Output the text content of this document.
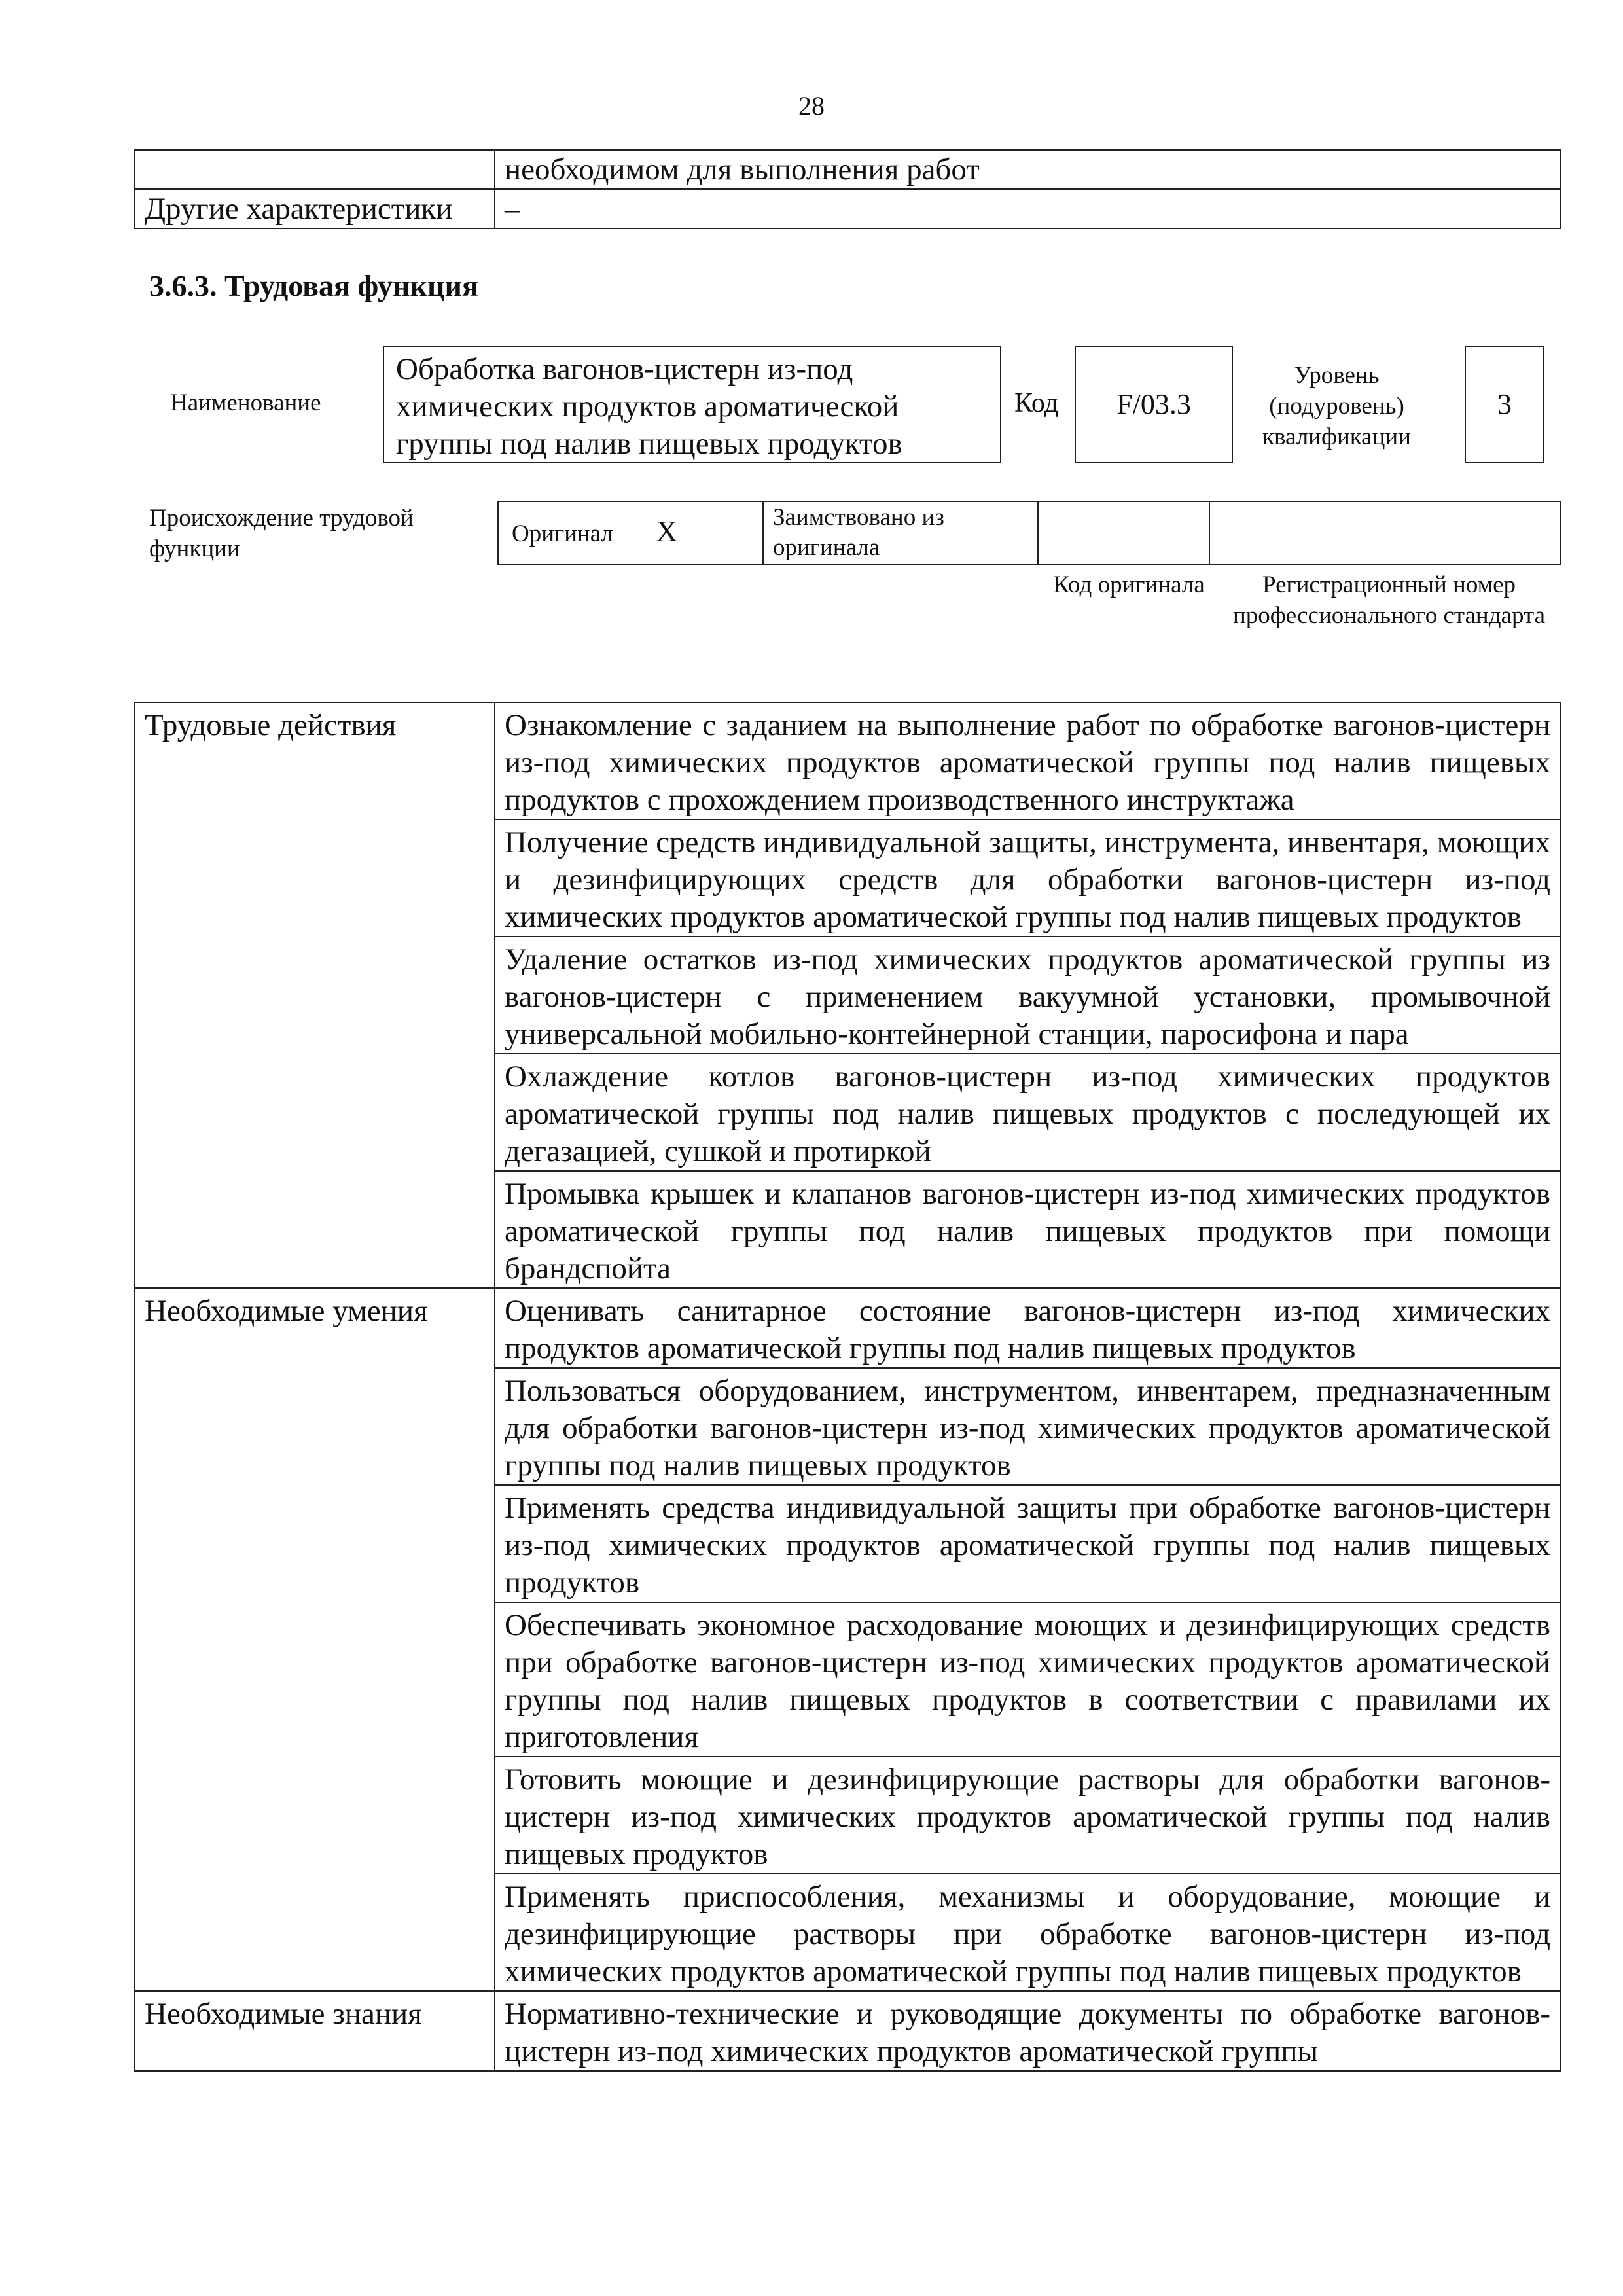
28
	необходимом для выполнения работ
Другие характеристики	–
3.6.3. Трудовая функция
Наименование
Обработка вагонов-цистерн из-под химических продуктов ароматической группы под налив пищевых продуктов
Код	F/03.3
Уровень (подуровень) квалификации
3
Происхождение трудовой функции
Оригинал X	Заимствовано из оригинала		
Код оригинала	Регистрационный номер профессионального стандарта
Трудовые действия	Ознакомление с заданием на выполнение работ по обработке вагонов-цистерн из-под химических продуктов ароматической группы под налив пищевых продуктов с прохождением производственного инструктажа
	Получение средств индивидуальной защиты, инструмента, инвентаря, моющих и дезинфицирующих средств для обработки вагонов-цистерн из-под химических продуктов ароматической группы под налив пищевых продуктов
	Удаление остатков из-под химических продуктов ароматической группы из вагонов-цистерн с применением вакуумной установки, промывочной универсальной мобильно-контейнерной станции, паросифона и пара
	Охлаждение котлов вагонов-цистерн из-под химических продуктов ароматической группы под налив пищевых продуктов с последующей их дегазацией, сушкой и протиркой
	Промывка крышек и клапанов вагонов-цистерн из-под химических продуктов ароматической группы под налив пищевых продуктов при помощи брандспойта
Необходимые умения	Оценивать санитарное состояние вагонов-цистерн из-под химических продуктов ароматической группы под налив пищевых продуктов
	Пользоваться оборудованием, инструментом, инвентарем, предназначенным для обработки вагонов-цистерн из-под химических продуктов ароматической группы под налив пищевых продуктов
	Применять средства индивидуальной защиты при обработке вагонов-цистерн из-под химических продуктов ароматической группы под налив пищевых продуктов
	Обеспечивать экономное расходование моющих и дезинфицирующих средств при обработке вагонов-цистерн из-под химических продуктов ароматической группы под налив пищевых продуктов в соответствии с правилами их приготовления
	Готовить моющие и дезинфицирующие растворы для обработки вагонов-цистерн из-под химических продуктов ароматической группы под налив пищевых продуктов
	Применять приспособления, механизмы и оборудование, моющие и дезинфицирующие растворы при обработке вагонов-цистерн из-под химических продуктов ароматической группы под налив пищевых продуктов
Необходимые знания	Нормативно-технические и руководящие документы по обработке вагонов-цистерн из-под химических продуктов ароматической группы
